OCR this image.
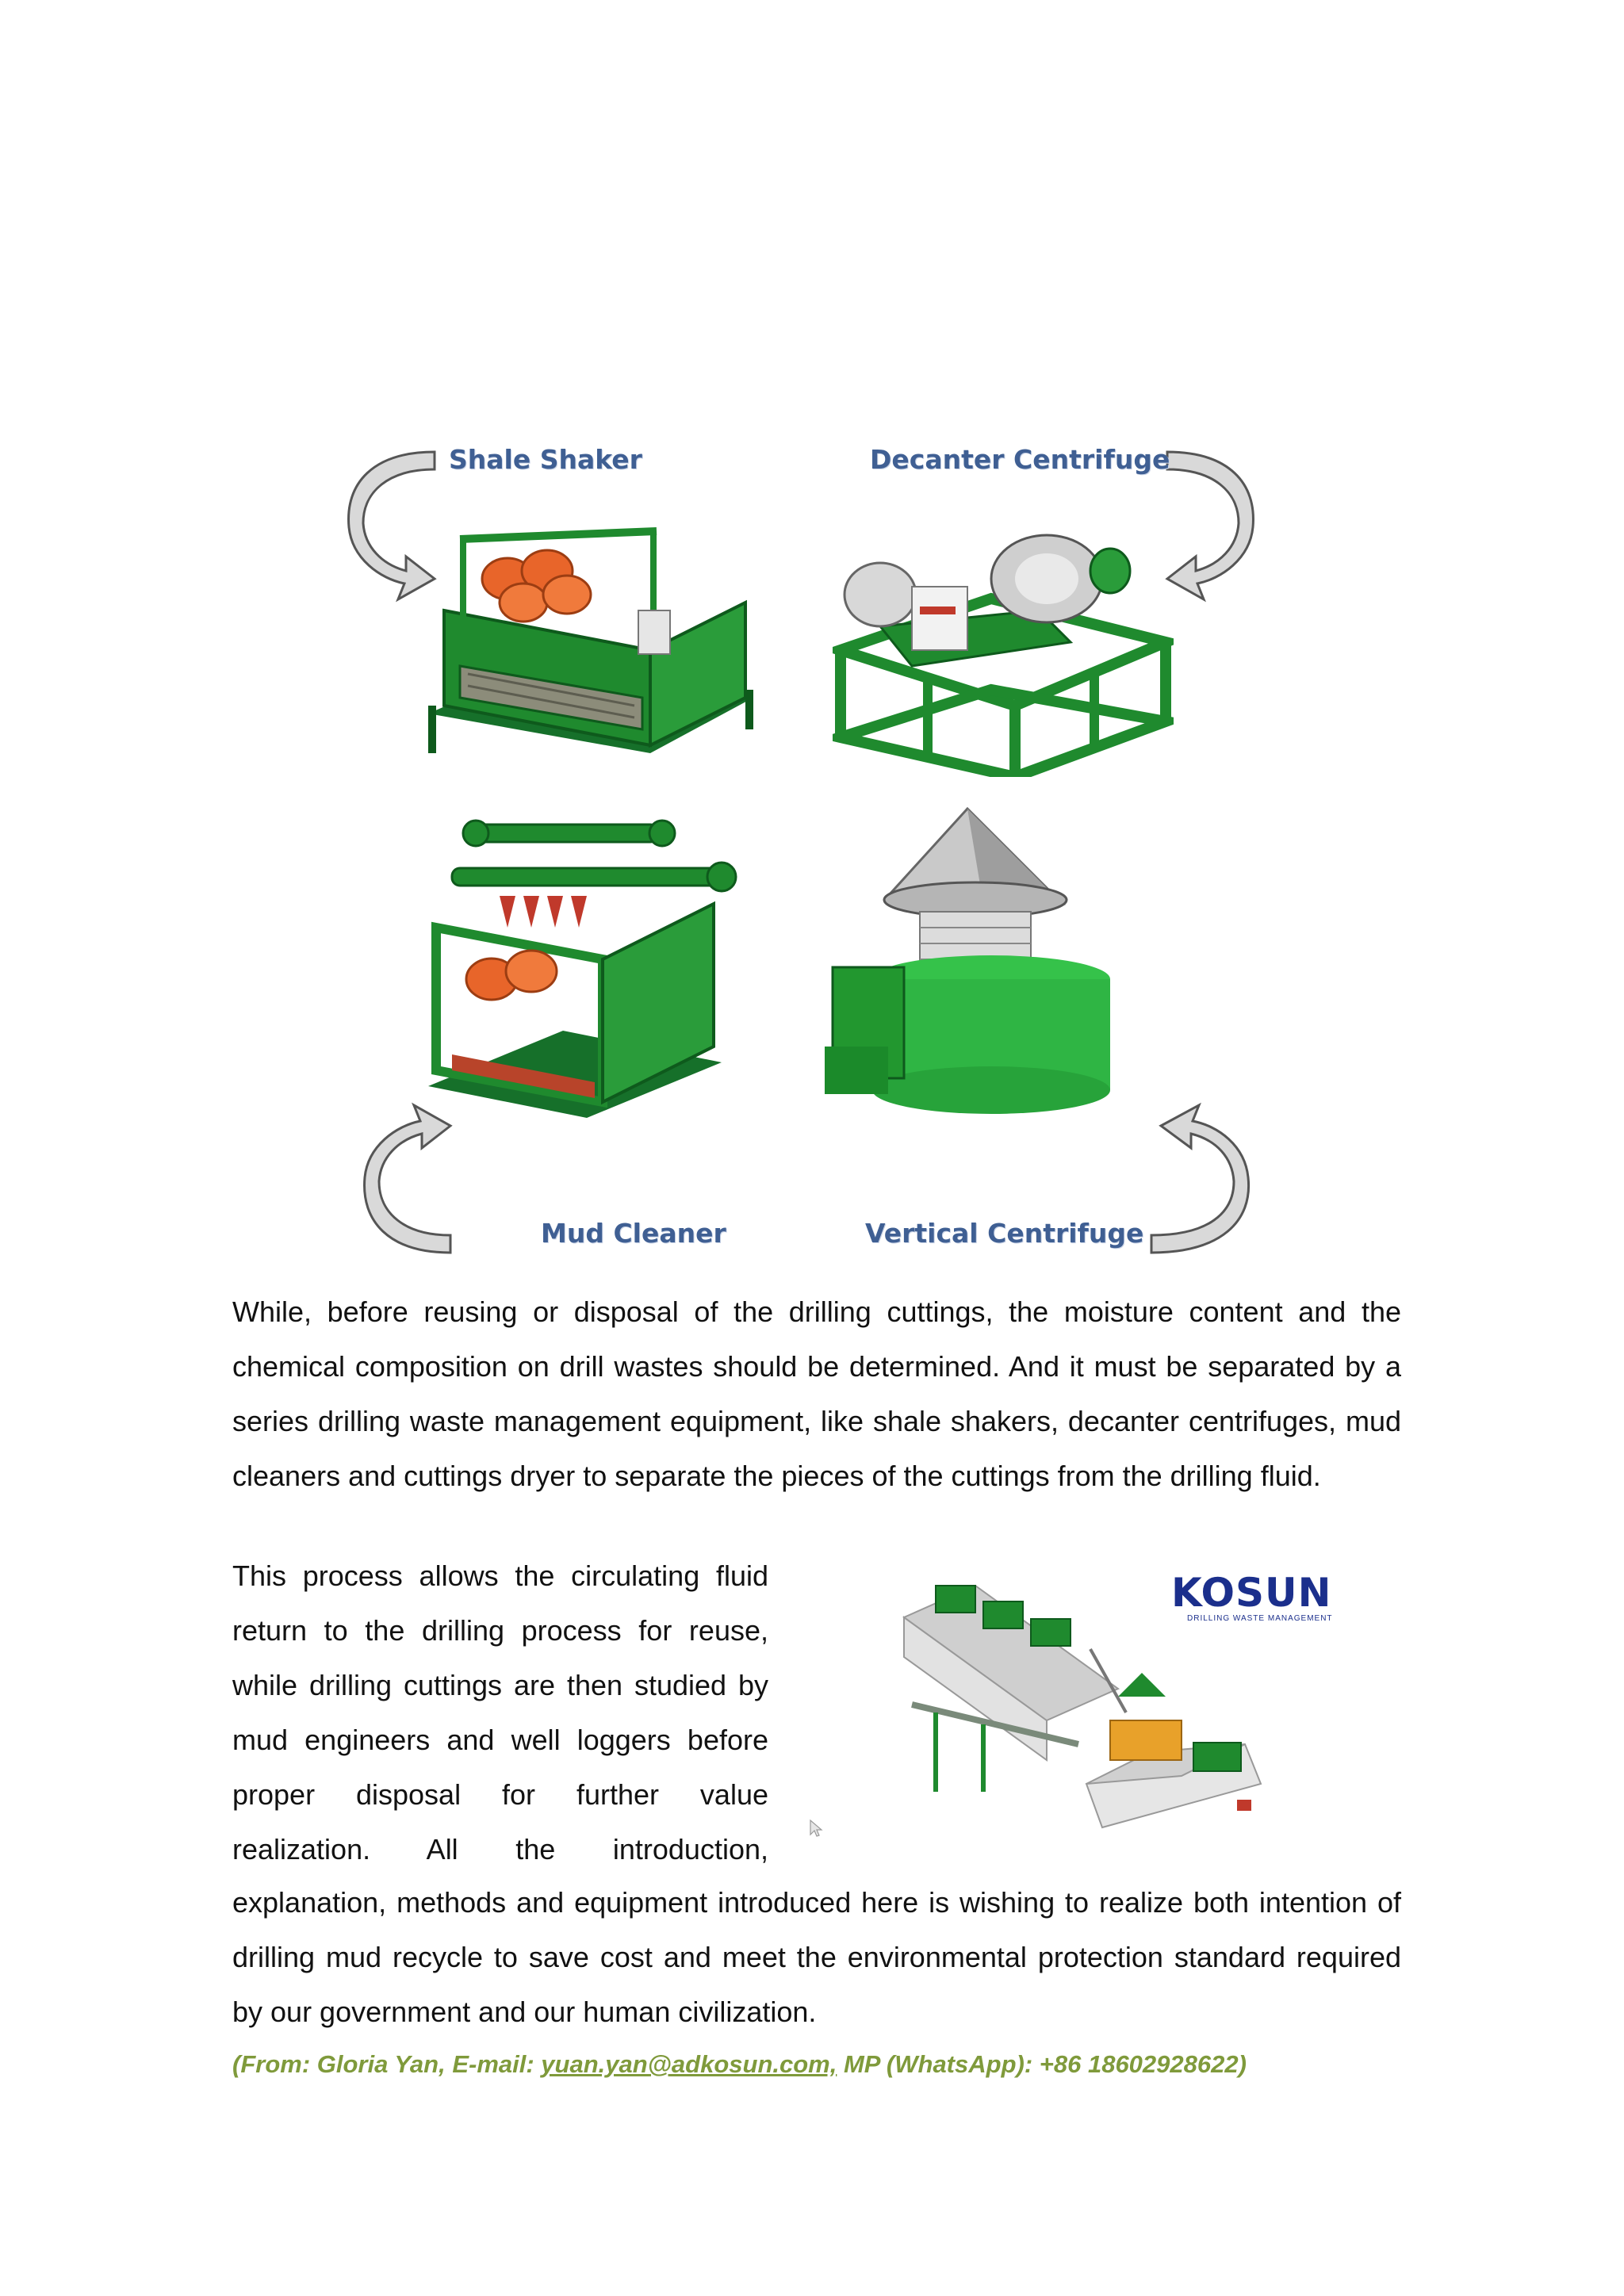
Shale Shaker	Decanter Centrifuge
Mud Cleaner	Vertical Centrifuge
While, before reusing or disposal of the drilling cuttings, the moisture content and the
chemical composition on drill wastes should be determined. And it must be separated by a
series drilling waste management equipment, like shale shakers, decanter centrifuges, mud
cleaners and cuttings dryer to separate the pieces of the cuttings from the drilling fluid.
This process allows the circulating fluid
return to the drilling process for reuse,
while drilling cuttings are then studied by
mud engineers and well loggers before
proper disposal for further value
realization. All the introduction,
explanation, methods and equipment introduced here is wishing to realize both intention of
drilling mud recycle to save cost and meet the environmental protection standard required
by our government and our human civilization.
KOSUN
DRILLING WASTE MANAGEMENT
(From: Gloria Yan, E-mail: yuan.yan@adkosun.com, MP (WhatsApp): +86 18602928622)
